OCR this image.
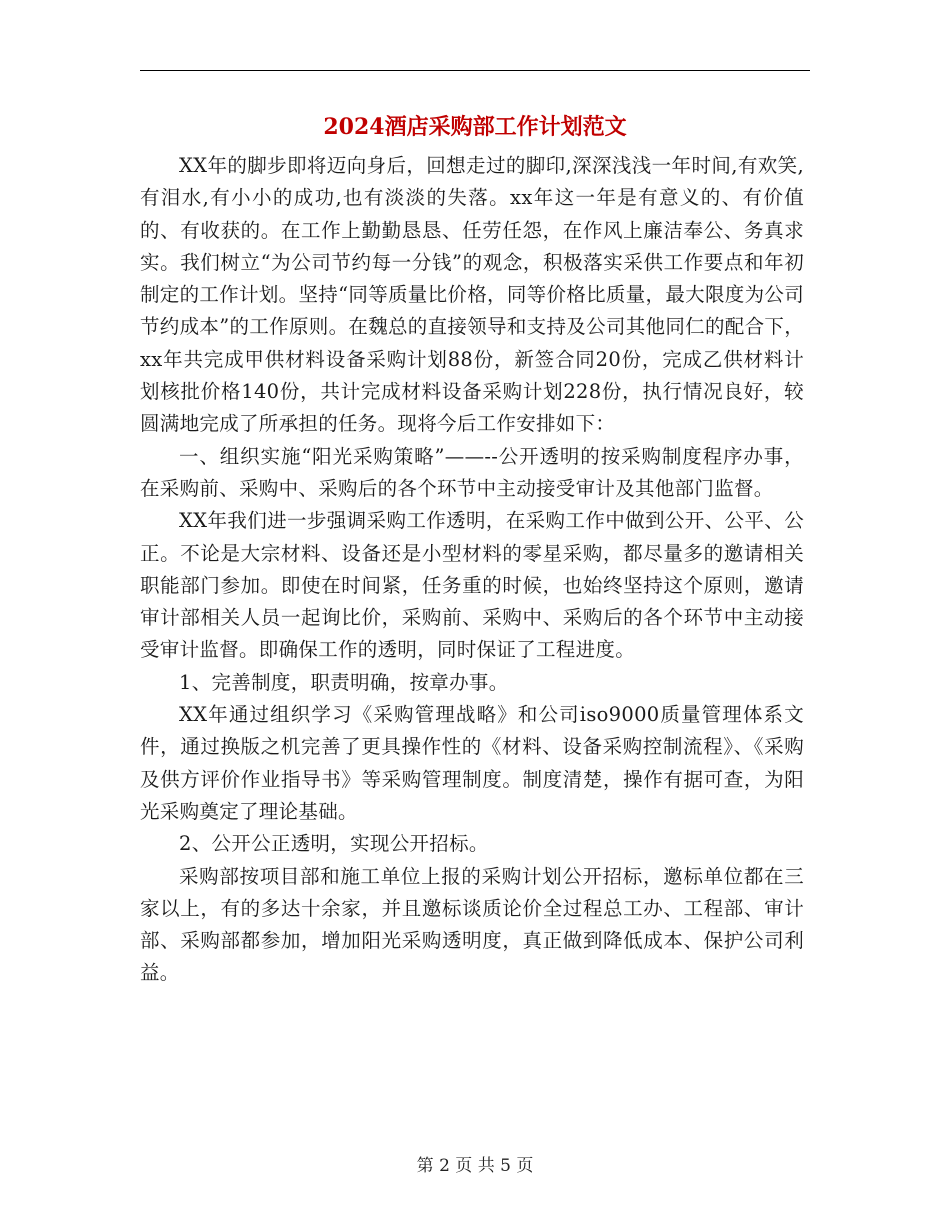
2024酒店采购部工作计划范文

XX年的脚步即将迈向身后，回想走过的脚印,深深浅浅一年时间,有欢笑,有泪水,有小小的成功,也有淡淡的失落。xx年这一年是有意义的、有价值的、有收获的。在工作上勤勤恳恳、任劳任怨，在作风上廉洁奉公、务真求实。我们树立“为公司节约每一分钱”的观念，积极落实采供工作要点和年初制定的工作计划。坚持“同等质量比价格，同等价格比质量，最大限度为公司节约成本”的工作原则。在魏总的直接领导和支持及公司其他同仁的配合下，xx年共完成甲供材料设备采购计划88份，新签合同20份，完成乙供材料计划核批价格140份，共计完成材料设备采购计划228份，执行情况良好，较圆满地完成了所承担的任务。现将今后工作安排如下：

一、组织实施“阳光采购策略”——--公开透明的按采购制度程序办事，在采购前、采购中、采购后的各个环节中主动接受审计及其他部门监督。

XX年我们进一步强调采购工作透明，在采购工作中做到公开、公平、公正。不论是大宗材料、设备还是小型材料的零星采购，都尽量多的邀请相关职能部门参加。即使在时间紧，任务重的时候，也始终坚持这个原则，邀请审计部相关人员一起询比价，采购前、采购中、采购后的各个环节中主动接受审计监督。即确保工作的透明，同时保证了工程进度。

1、完善制度，职责明确，按章办事。

XX年通过组织学习《采购管理战略》和公司iso9000质量管理体系文件，通过换版之机完善了更具操作性的《材料、设备采购控制流程》、《采购及供方评价作业指导书》等采购管理制度。制度清楚，操作有据可查，为阳光采购奠定了理论基础。

2、公开公正透明，实现公开招标。

采购部按项目部和施工单位上报的采购计划公开招标，邀标单位都在三家以上，有的多达十余家，并且邀标谈质论价全过程总工办、工程部、审计部、采购部都参加，增加阳光采购透明度，真正做到降低成本、保护公司利益。

第 2 页 共 5 页
